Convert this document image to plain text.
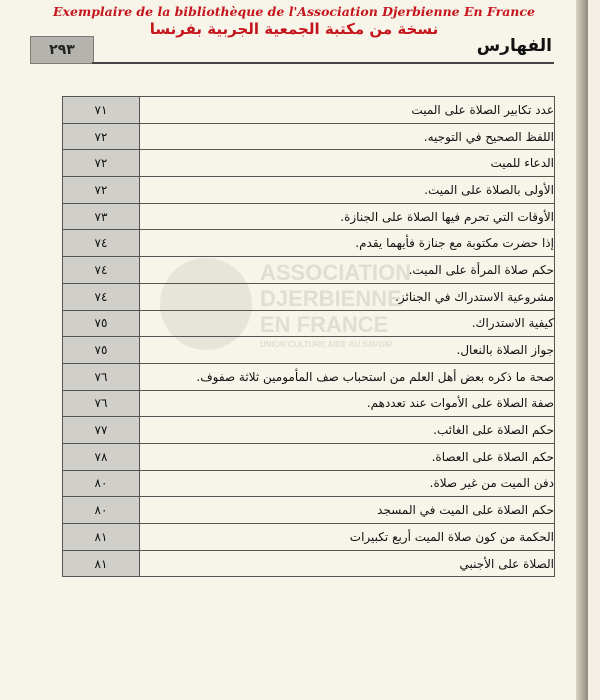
Exemplaire de la bibliothèque de l'Association Djerbienne En France
نسخة من مكتبة الجمعية الجربية بفرنسا
٢٩٣	الفهارس
ASSOCIATION
DJERBIENNE
EN FRANCE
UNION CULTURE AIDE AU SAVOIR
عدد تكابير الصلاة على الميت	٧١
اللفظ الصحيح في التوجيه.	٧٢
الدعاء للميت	٧٢
الأولى بالصلاة على الميت.	٧٢
الأوقات التي تحرم فيها الصلاة على الجنازة.	٧٣
إذا حضرت مكتوبة مع جنازة فأيهما يقدم.	٧٤
حكم صلاة المرأة على الميت.	٧٤
مشروعية الاستدراك في الجنائز.	٧٤
كيفية الاستدراك.	٧٥
جواز الصلاة بالنعال.	٧٥
صحة ما ذكره بعض أهل العلم من استحباب صف المأمومين ثلاثة صفوف.	٧٦
صفة الصلاة على الأموات عند تعددهم.	٧٦
حكم الصلاة على الغائب.	٧٧
حكم الصلاة على العصاة.	٧٨
دفن الميت من غير صلاة.	٨٠
حكم الصلاة على الميت في المسجد	٨٠
الحكمة من كون صلاة الميت أربع تكبيرات	٨١
الصلاة على الأجنبي	٨١
